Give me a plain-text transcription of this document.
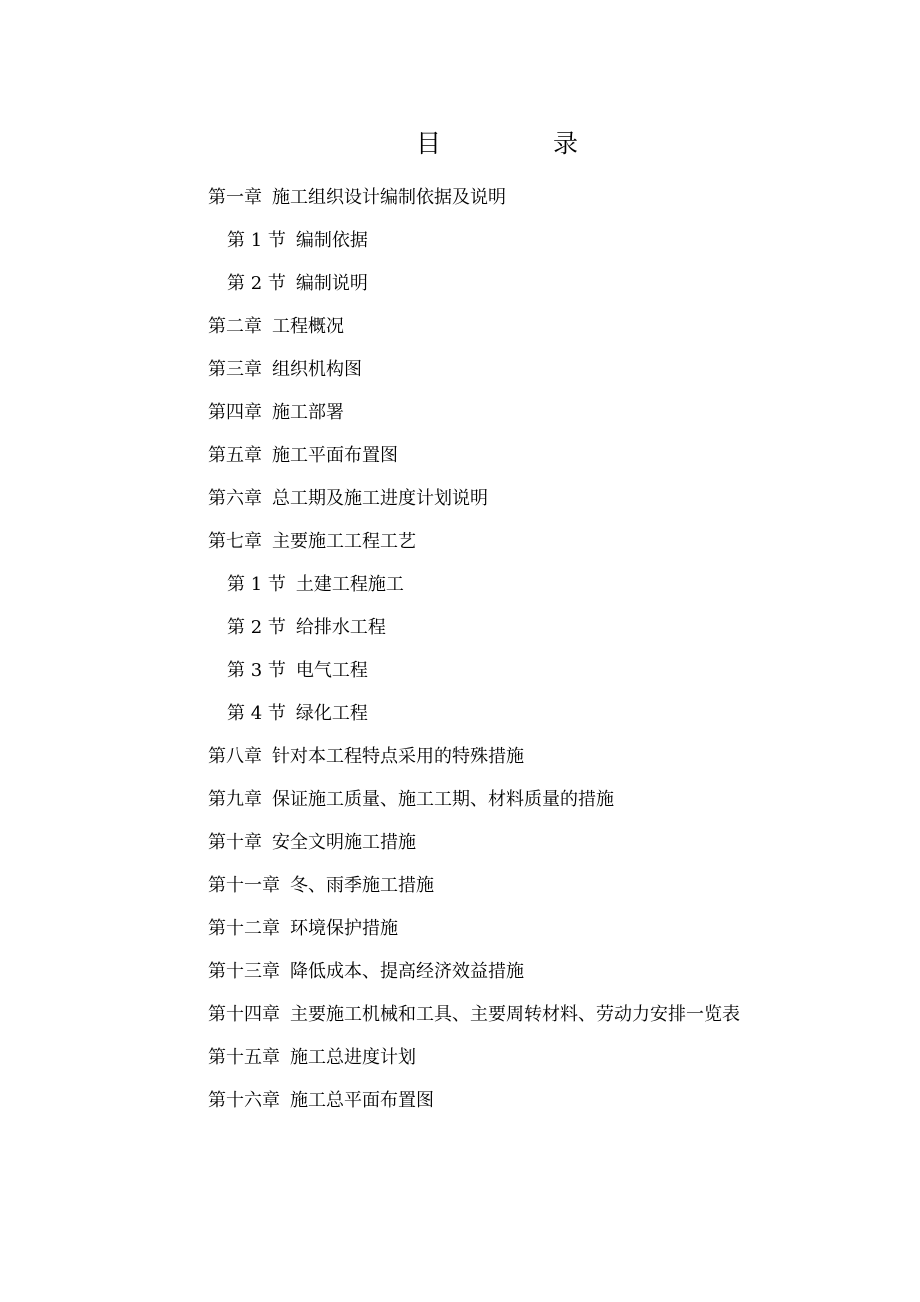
目 录
第一章 施工组织设计编制依据及说明
第 1 节 编制依据
第 2 节 编制说明
第二章 工程概况
第三章 组织机构图
第四章 施工部署
第五章 施工平面布置图
第六章 总工期及施工进度计划说明
第七章 主要施工工程工艺
第 1 节 土建工程施工
第 2 节 给排水工程
第 3 节 电气工程
第 4 节 绿化工程
第八章 针对本工程特点采用的特殊措施
第九章 保证施工质量、施工工期、材料质量的措施
第十章 安全文明施工措施
第十一章 冬、雨季施工措施
第十二章 环境保护措施
第十三章 降低成本、提高经济效益措施
第十四章 主要施工机械和工具、主要周转材料、劳动力安排一览表
第十五章 施工总进度计划
第十六章 施工总平面布置图
